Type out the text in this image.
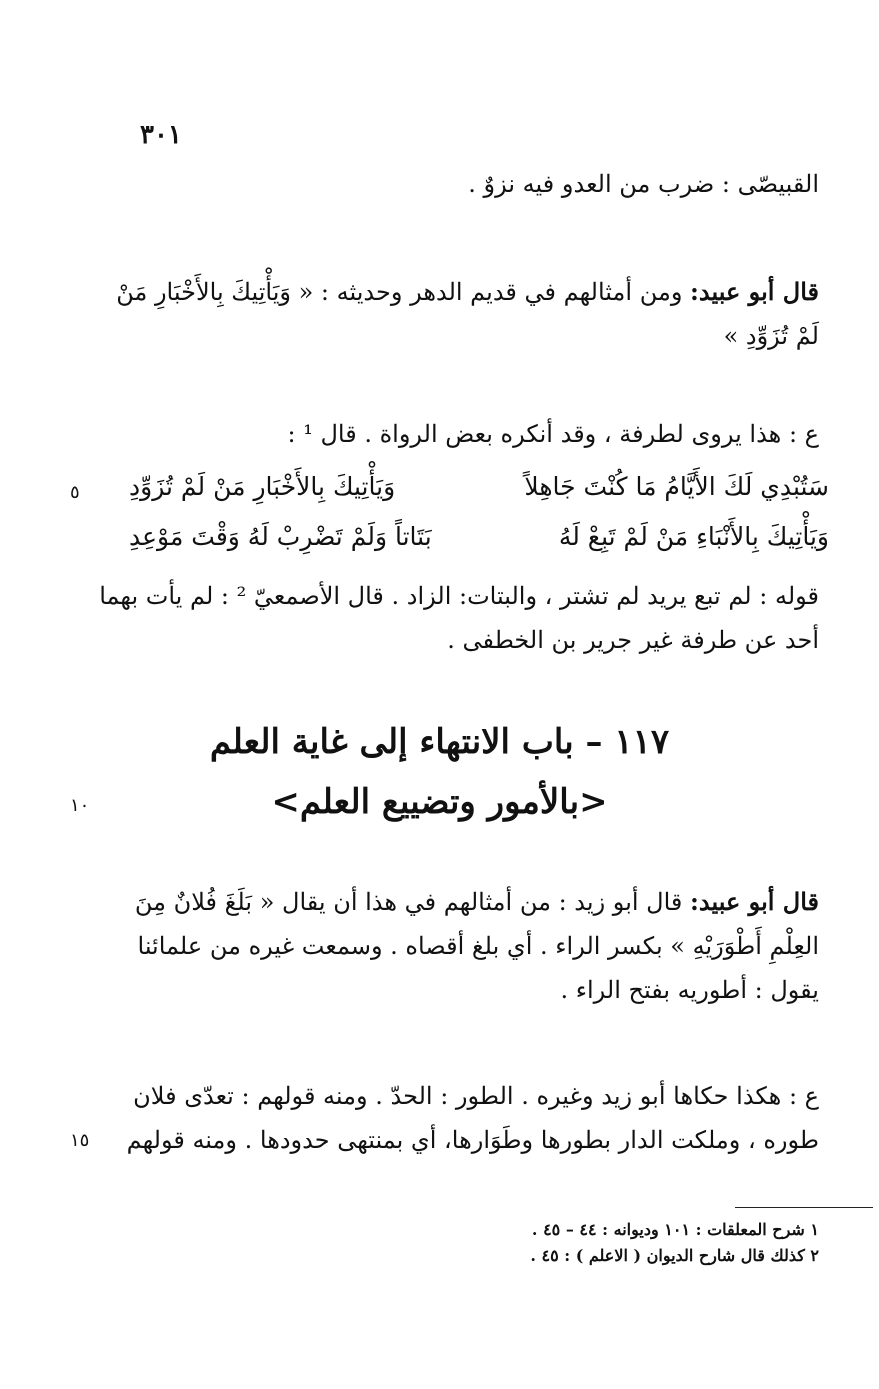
٣٠١
القبيصّى : ضرب من العدو فيه نزوٌ .
قال أبو عبيد: ومن أمثالهم في قديم الدهر وحديثه : « وَيَأْتِيكَ بِالأَخْبَارِ مَنْ لَمْ تُزَوِّدِ »
ع : هذا يروى لطرفة ، وقد أنكره بعض الرواة . قال ¹ :
سَتُبْدِي لَكَ الأَيَّامُ مَا كُنْتَ جَاهِلاً
وَيَأْتِيكَ بِالأَخْبَارِ مَنْ لَمْ تُزَوِّدِ
٥
وَيَأْتِيكَ بِالأَنْبَاءِ مَنْ لَمْ تَبِعْ لَهُ
بَتَاتاً وَلَمْ تَضْرِبْ لَهُ وَقْتَ مَوْعِدِ
قوله : لم تبع يريد لم تشتر ، والبتات: الزاد . قال الأصمعيّ ² : لم يأت بهما أحد عن طرفة غير جرير بن الخطفى .
١١٧ – باب الانتهاء إلى غاية العلم
<بالأمور وتضييع العلم>
١٠
قال أبو عبيد: قال أبو زيد : من أمثالهم في هذا أن يقال « بَلَغَ فُلانٌ مِنَ العِلْمِ أَطْوَرَيْهِ » بكسر الراء . أي بلغ أقصاه . وسمعت غيره من علمائنا يقول : أطوريه بفتح الراء .
ع : هكذا حكاها أبو زيد وغيره . الطور : الحدّ . ومنه قولهم : تعدّى فلان طوره ، وملكت الدار بطورها وطَوَارها، أي بمنتهى حدودها . ومنه قولهم
١٥
١ شرح المعلقات : ١٠١ وديوانه : ٤٤ – ٤٥ .
٢ كذلك قال شارح الديوان ( الاعلم ) : ٤٥ .
